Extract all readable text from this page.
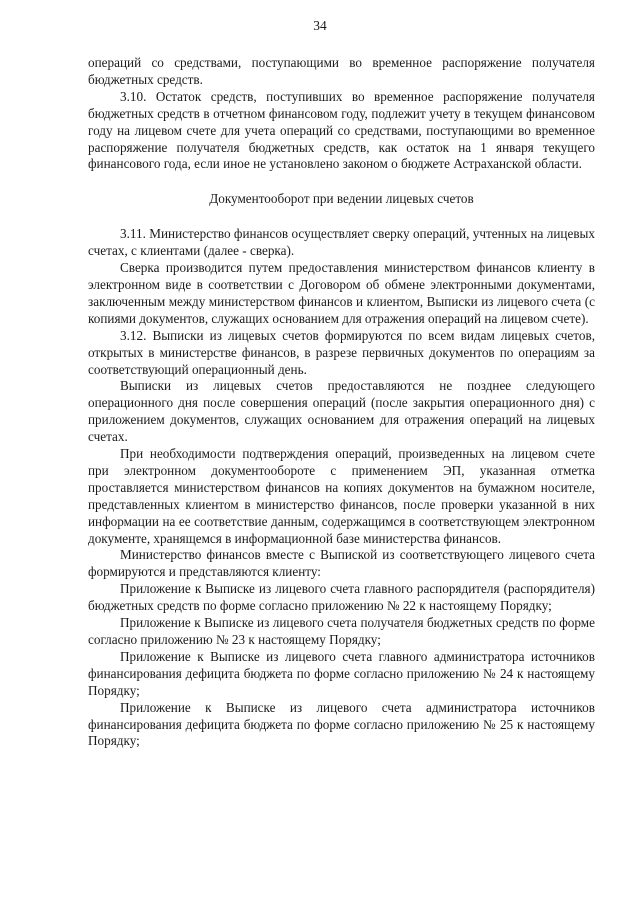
34

операций со средствами, поступающими во временное распоряжение получателя бюджетных средств.

3.10. Остаток средств, поступивших во временное распоряжение получателя бюджетных средств в отчетном финансовом году, подлежит учету в текущем финансовом году на лицевом счете для учета операций со средствами, поступающими во временное распоряжение получателя бюджетных средств, как остаток на 1 января текущего финансового года, если иное не установлено законом о бюджете Астраханской области.

Документооборот при ведении лицевых счетов

3.11. Министерство финансов осуществляет сверку операций, учтенных на лицевых счетах, с клиентами (далее - сверка).

Сверка производится путем предоставления министерством финансов клиенту в электронном виде в соответствии с Договором об обмене электронными документами, заключенным между министерством финансов и клиентом, Выписки из лицевого счета (с копиями документов, служащих основанием для отражения операций на лицевом счете).

3.12. Выписки из лицевых счетов формируются по всем видам лицевых счетов, открытых в министерстве финансов, в разрезе первичных документов по операциям за соответствующий операционный день.

Выписки из лицевых счетов предоставляются не позднее следующего операционного дня после совершения операций (после закрытия операционного дня) с приложением документов, служащих основанием для отражения операций на лицевых счетах.

При необходимости подтверждения операций, произведенных на лицевом счете при электронном документообороте с применением ЭП, указанная отметка проставляется министерством финансов на копиях документов на бумажном носителе, представленных клиентом в министерство финансов, после проверки указанной в них информации на ее соответствие данным, содержащимся в соответствующем электронном документе, хранящемся в информационной базе министерства финансов.

Министерство финансов вместе с Выпиской из соответствующего лицевого счета формируются и представляются клиенту:

Приложение к Выписке из лицевого счета главного распорядителя (распорядителя) бюджетных средств по форме согласно приложению № 22 к настоящему Порядку;

Приложение к Выписке из лицевого счета получателя бюджетных средств по форме согласно приложению № 23 к настоящему Порядку;

Приложение к Выписке из лицевого счета главного администратора источников финансирования дефицита бюджета по форме согласно приложению № 24 к настоящему Порядку;

Приложение к Выписке из лицевого счета администратора источников финансирования дефицита бюджета по форме согласно приложению № 25 к настоящему Порядку;
